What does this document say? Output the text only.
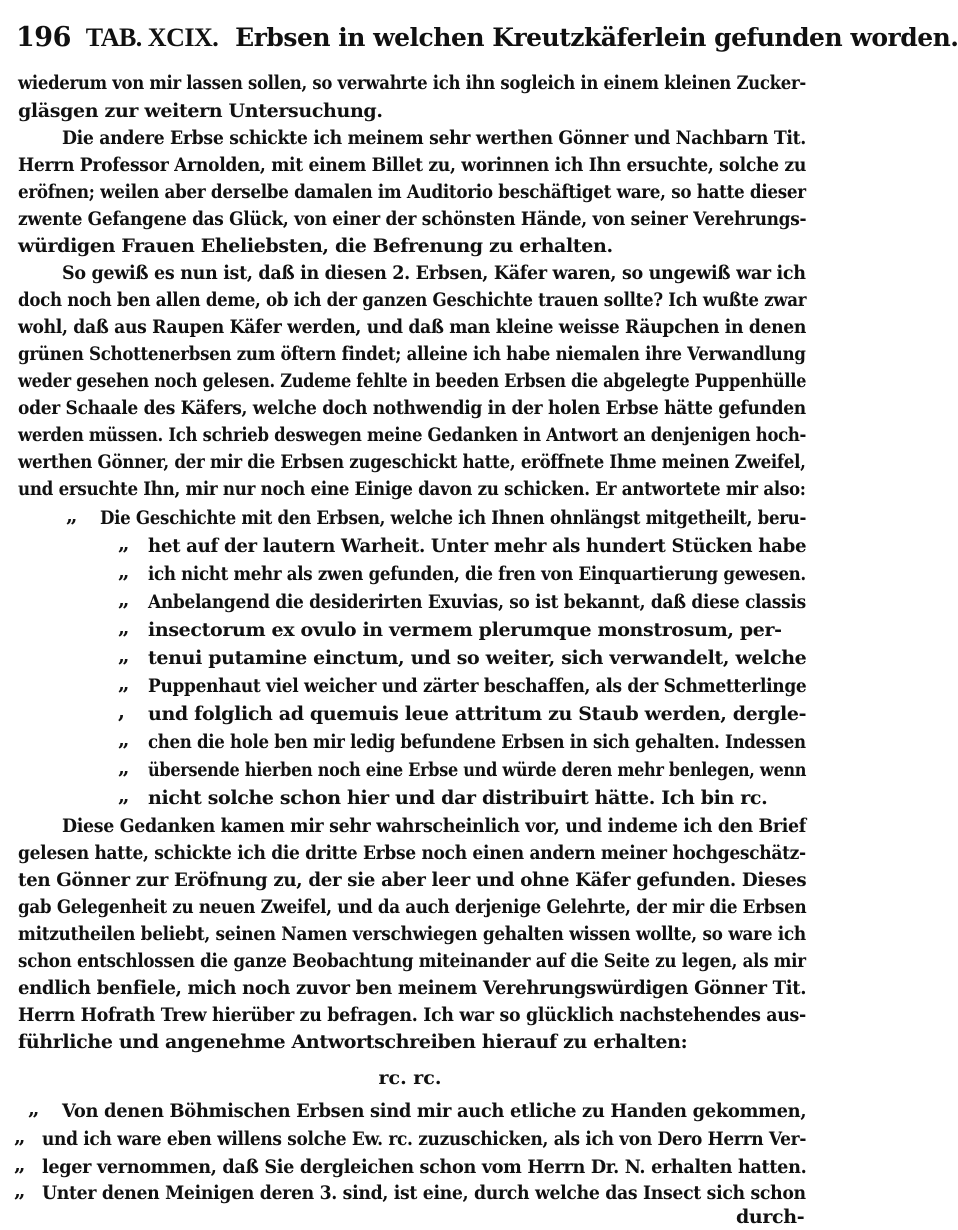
196 TAB. XCIX. Erbsen in welchen Kreutzkäferlein gefunden worden.
wiederum von mir lassen sollen, so verwahrte ich ihn sogleich in einem kleinen Zucker-
gläsgen zur weitern Untersuchung.
Die andere Erbse schickte ich meinem sehr werthen Gönner und Nachbarn Tit.
Herrn Professor Arnolden, mit einem Billet zu, worinnen ich Ihn ersuchte, solche zu
eröfnen; weilen aber derselbe damalen im Auditorio beschäftiget ware, so hatte dieser
zwente Gefangene das Glück, von einer der schönsten Hände, von seiner Verehrungs-
würdigen Frauen Eheliebsten, die Befrenung zu erhalten.
So gewiß es nun ist, daß in diesen 2. Erbsen, Käfer waren, so ungewiß war ich
doch noch ben allen deme, ob ich der ganzen Geschichte trauen sollte? Ich wußte zwar
wohl, daß aus Raupen Käfer werden, und daß man kleine weisse Räupchen in denen
grünen Schottenerbsen zum öftern findet; alleine ich habe niemalen ihre Verwandlung
weder gesehen noch gelesen. Zudeme fehlte in beeden Erbsen die abgelegte Puppenhülle
oder Schaale des Käfers, welche doch nothwendig in der holen Erbse hätte gefunden
werden müssen. Ich schrieb deswegen meine Gedanken in Antwort an denjenigen hoch-
werthen Gönner, der mir die Erbsen zugeschickt hatte, eröffnete Ihme meinen Zweifel,
und ersuchte Ihn, mir nur noch eine Einige davon zu schicken. Er antwortete mir also:
Die Geschichte mit den Erbsen, welche ich Ihnen ohnlängst mitgetheilt, beru-
het auf der lautern Warheit. Unter mehr als hundert Stücken habe
ich nicht mehr als zwen gefunden, die fren von Einquartierung gewesen.
Anbelangend die desiderirten Exuvias, so ist bekannt, daß diese classis
insectorum ex ovulo in vermem plerumque monstrosum, per-
tenui putamine einctum, und so weiter, sich verwandelt, welche
Puppenhaut viel weicher und zärter beschaffen, als der Schmetterlinge
und folglich ad quemuis leue attritum zu Staub werden, dergle-
chen die hole ben mir ledig befundene Erbsen in sich gehalten. Indessen
übersende hierben noch eine Erbse und würde deren mehr benlegen, wenn
nicht solche schon hier und dar distribuirt hätte. Ich bin rc.
Diese Gedanken kamen mir sehr wahrscheinlich vor, und indeme ich den Brief
gelesen hatte, schickte ich die dritte Erbse noch einen andern meiner hochgeschätz-
ten Gönner zur Eröfnung zu, der sie aber leer und ohne Käfer gefunden. Dieses
gab Gelegenheit zu neuen Zweifel, und da auch derjenige Gelehrte, der mir die Erbsen
mitzutheilen beliebt, seinen Namen verschwiegen gehalten wissen wollte, so ware ich
schon entschlossen die ganze Beobachtung miteinander auf die Seite zu legen, als mir
endlich benfiele, mich noch zuvor ben meinem Verehrungswürdigen Gönner Tit.
Herrn Hofrath Trew hierüber zu befragen. Ich war so glücklich nachstehendes aus-
führliche und angenehme Antwortschreiben hierauf zu erhalten:
rc. rc.
Von denen Böhmischen Erbsen sind mir auch etliche zu Handen gekommen,
und ich ware eben willens solche Ew. rc. zuzuschicken, als ich von Dero Herrn Ver-
leger vernommen, daß Sie dergleichen schon vom Herrn Dr. N. erhalten hatten.
Unter denen Meinigen deren 3. sind, ist eine, durch welche das Insect sich schon
durch-
„
„
„
„
„
„
„
,
„
„
„
„
„
„
„
